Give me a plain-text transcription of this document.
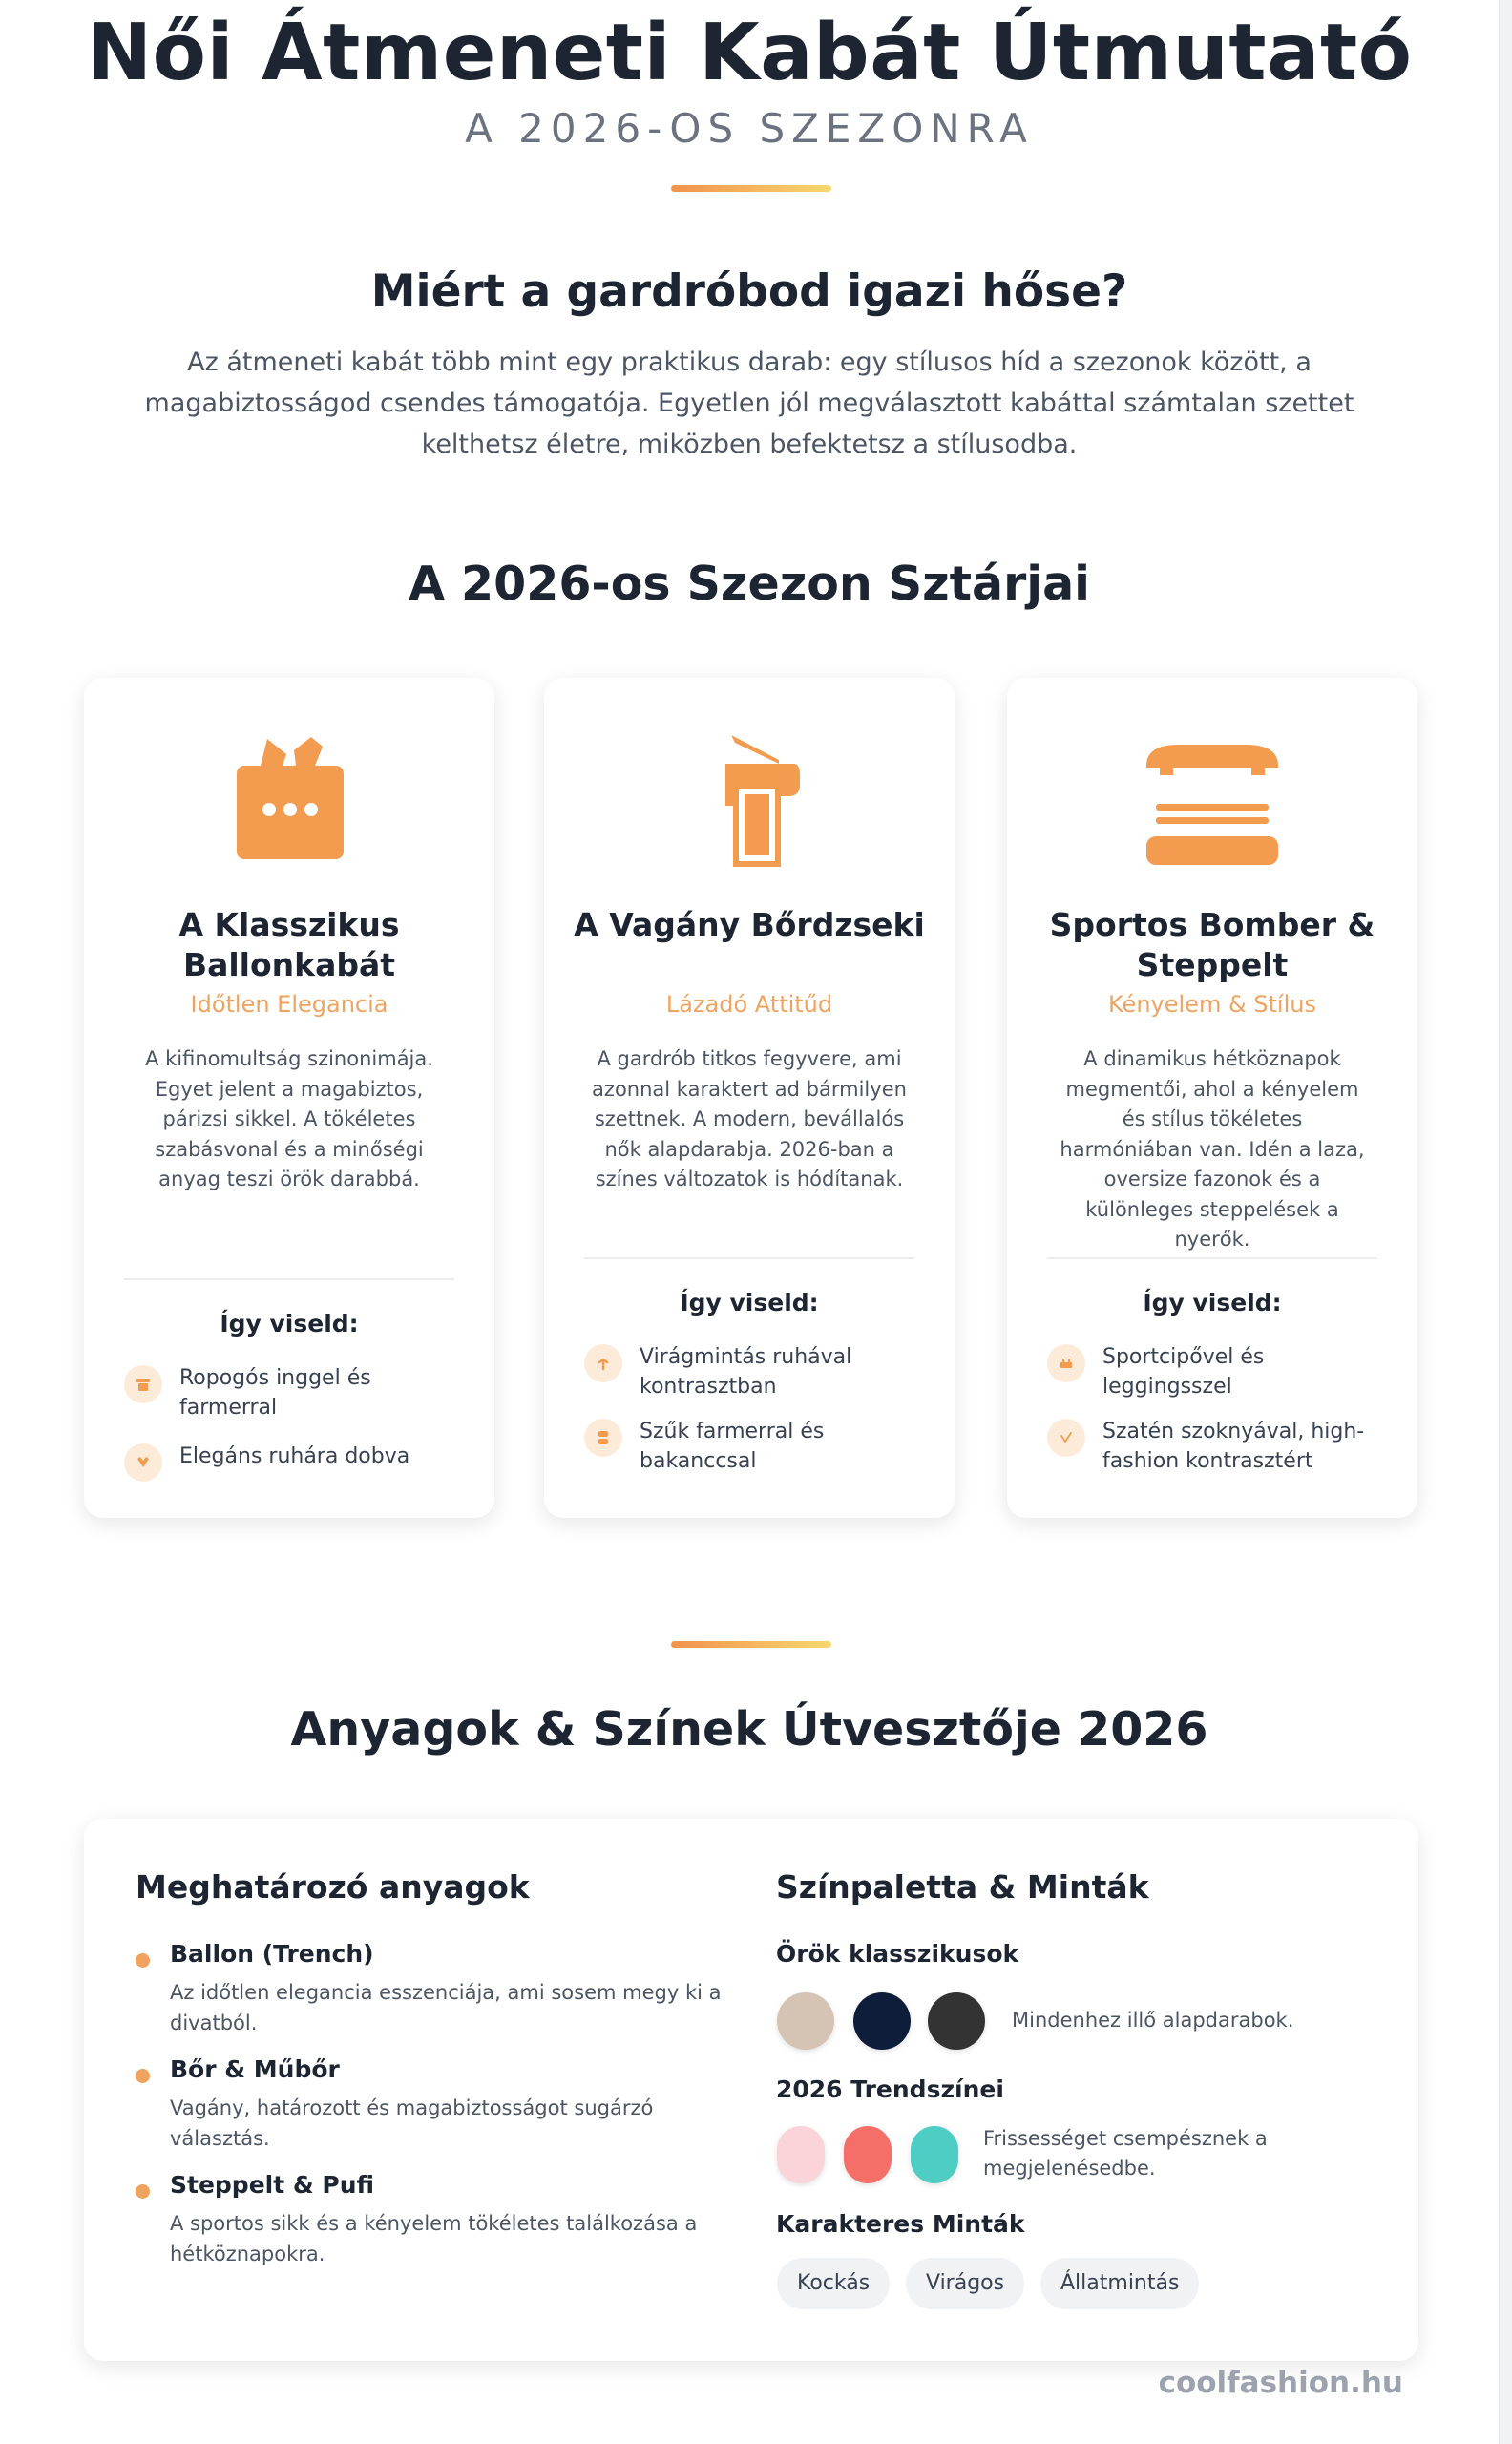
Női Átmeneti Kabát Útmutató
A 2026-OS SZEZONRA
Miért a gardróbod igazi hőse?
Az átmeneti kabát több mint egy praktikus darab: egy stílusos híd a szezonok között, a magabiztosságod csendes támogatója. Egyetlen jól megválasztott kabáttal számtalan szettet kelthetsz életre, miközben befektetsz a stílusodba.
A 2026-os Szezon Sztárjai
A Klasszikus Ballonkabát
Időtlen Elegancia
A kifinomultság szinonimája. Egyet jelent a magabiztos, párizsi sikkel. A tökéletes szabásvonal és a minőségi anyag teszi örök darabbá.
Így viseld:
Ropogós inggel és farmerral
Elegáns ruhára dobva
A Vagány Bőrdzseki
Lázadó Attitűd
A gardrób titkos fegyvere, ami azonnal karaktert ad bármilyen szettnek. A modern, bevállalós nők alapdarabja. 2026-ban a színes változatok is hódítanak.
Így viseld:
Virágmintás ruhával kontrasztban
Szűk farmerral és bakanccsal
Sportos Bomber & Steppelt
Kényelem & Stílus
A dinamikus hétköznapok megmentői, ahol a kényelem és stílus tökéletes harmóniában van. Idén a laza, oversize fazonok és a különleges steppelések a nyerők.
Így viseld:
Sportcipővel és leggingsszel
Szatén szoknyával, high-fashion kontrasztért
Anyagok & Színek Útvesztője 2026
Meghatározó anyagok
Ballon (Trench)
Az időtlen elegancia esszenciája, ami sosem megy ki a divatból.
Bőr & Műbőr
Vagány, határozott és magabiztosságot sugárzó választás.
Steppelt & Pufi
A sportos sikk és a kényelem tökéletes találkozása a hétköznapokra.
Színpaletta & Minták
Örök klasszikusok
Mindenhez illő alapdarabok.
2026 Trendszínei
Frissességet csempésznek a megjelenésedbe.
Karakteres Minták
Kockás	Virágos	Állatmintás
coolfashion.hu
